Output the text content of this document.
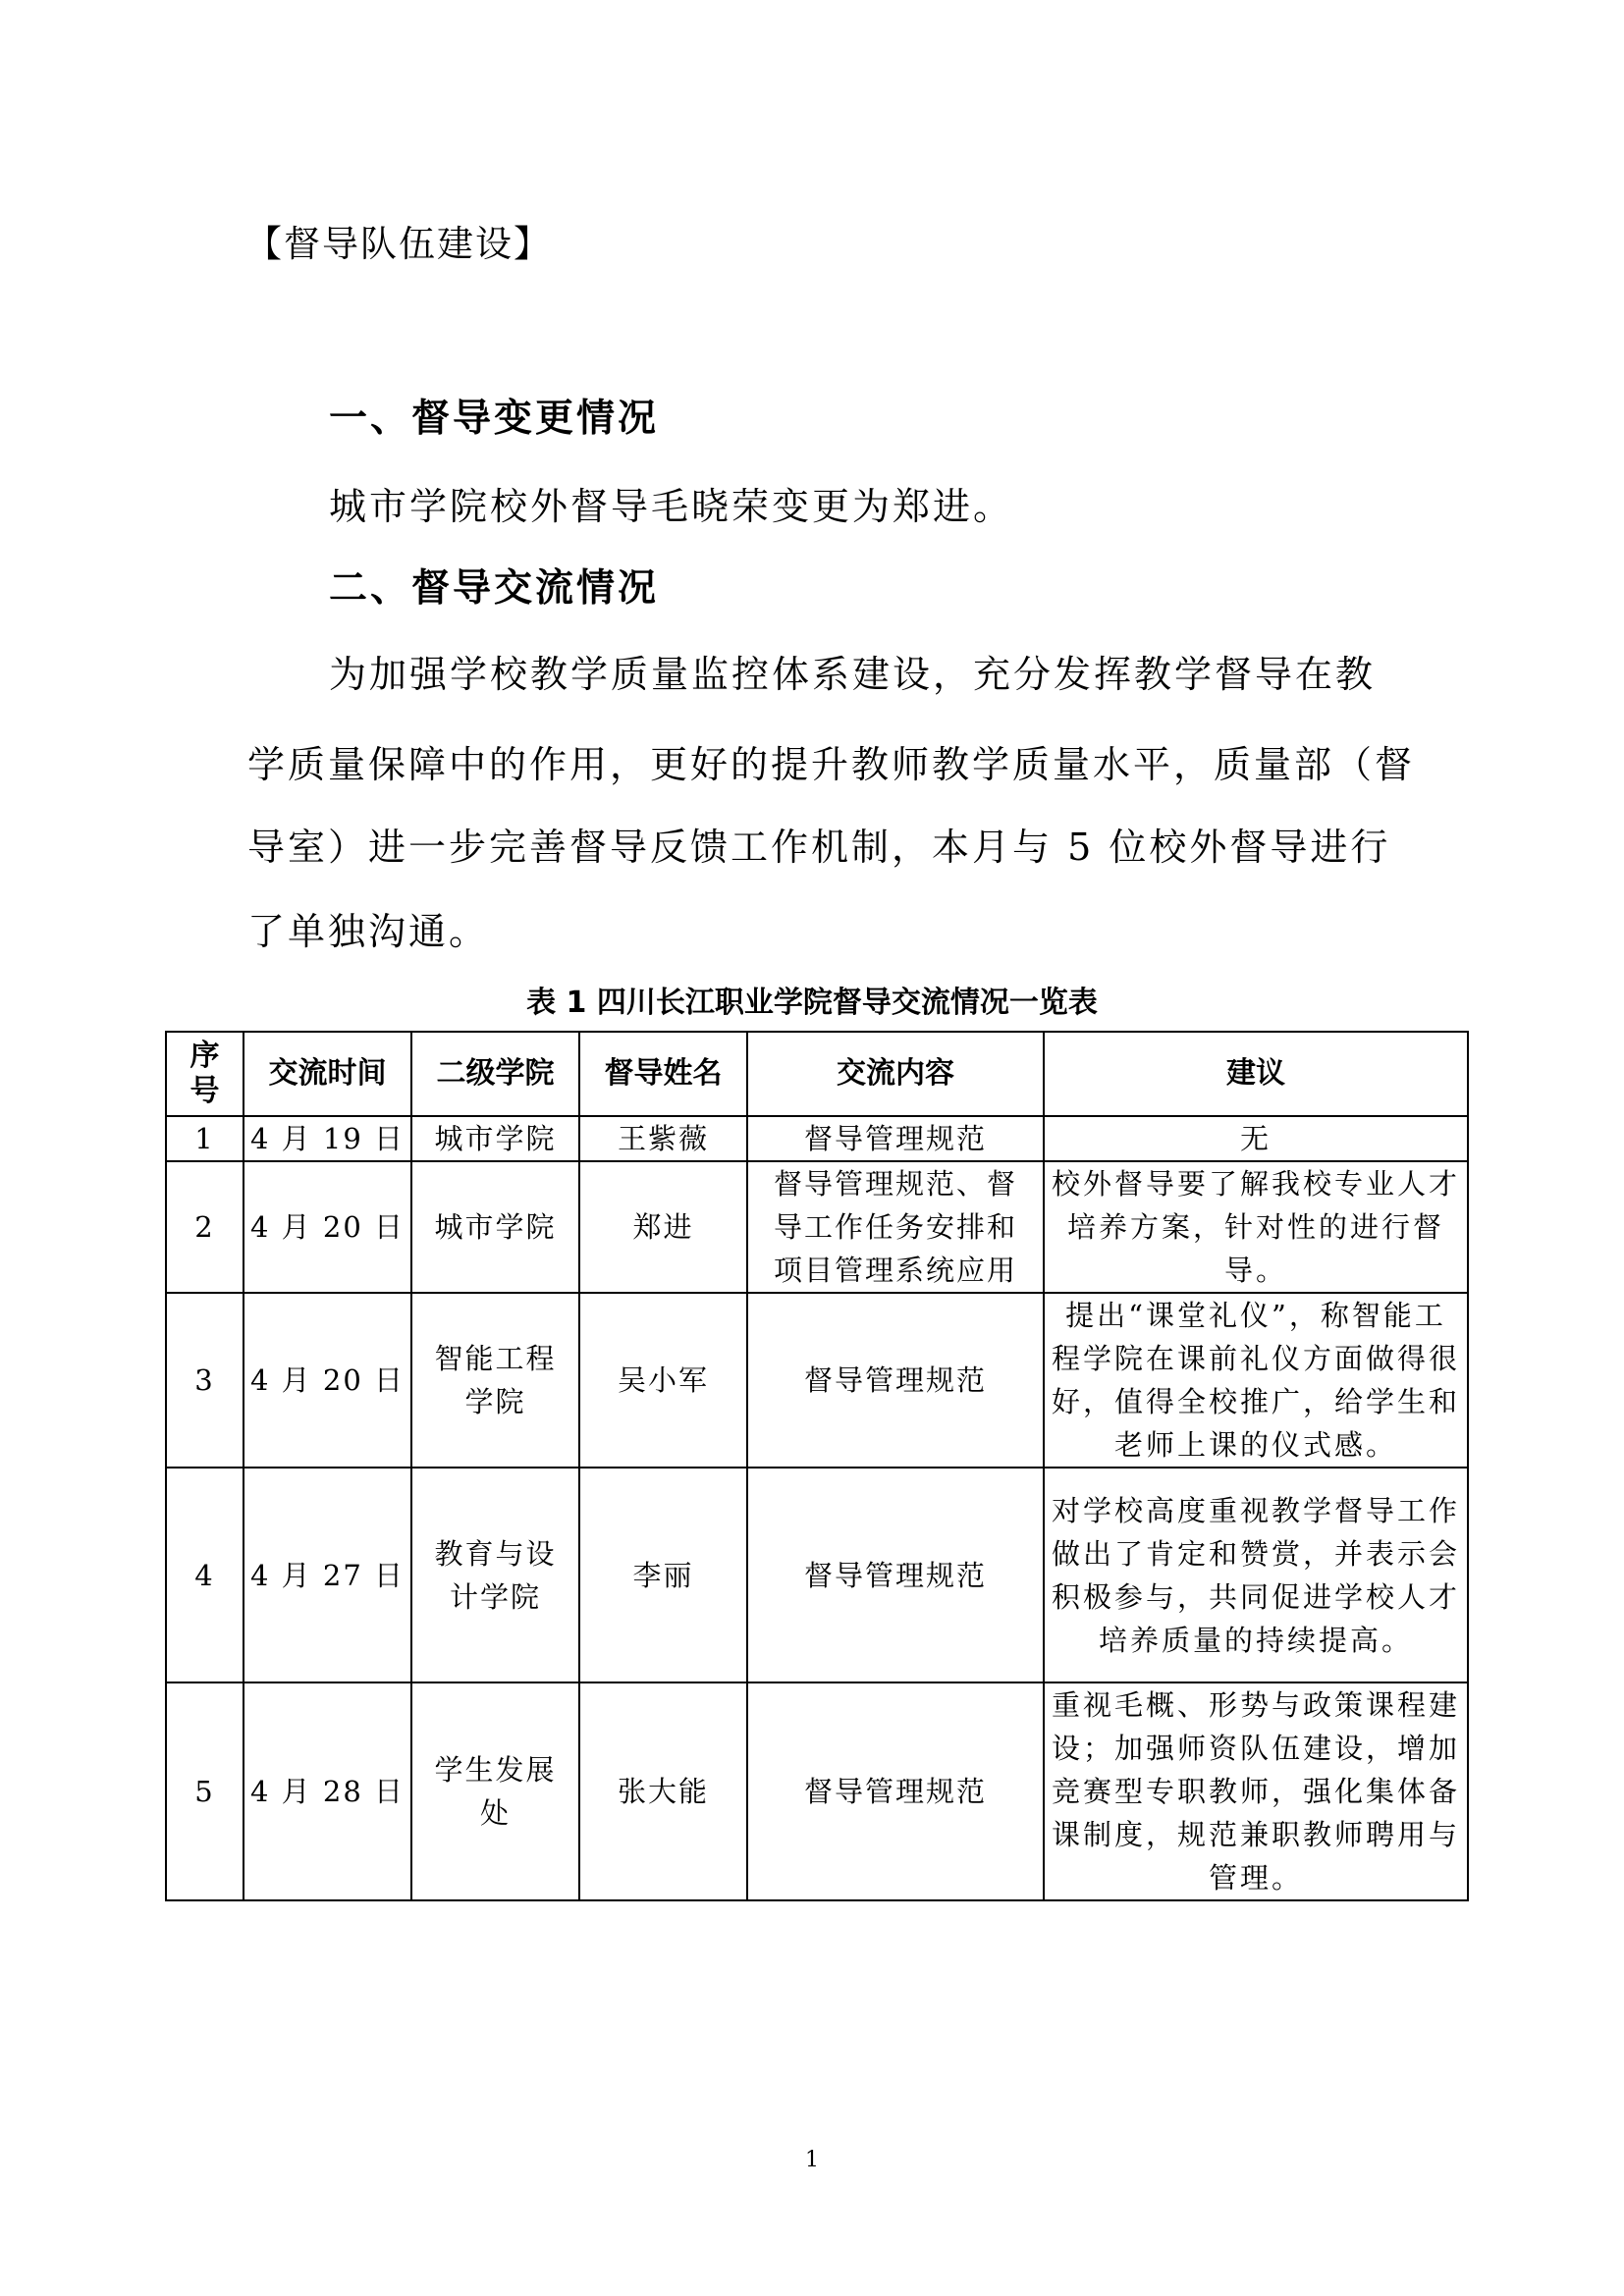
【督导队伍建设】
一、督导变更情况
城市学院校外督导毛晓荣变更为郑进。
二、督导交流情况
为加强学校教学质量监控体系建设，充分发挥教学督导在教
学质量保障中的作用，更好的提升教师教学质量水平，质量部（督
导室）进一步完善督导反馈工作机制，本月与 5 位校外督导进行
了单独沟通。
表 1 四川长江职业学院督导交流情况一览表
序号	交流时间	二级学院	督导姓名	交流内容	建议
1	4 月 19 日	城市学院	王紫薇	督导管理规范	无
2	4 月 20 日	城市学院	郑进	督导管理规范、督导工作任务安排和项目管理系统应用	校外督导要了解我校专业人才培养方案，针对性的进行督导。
3	4 月 20 日	智能工程学院	吴小军	督导管理规范	提出“课堂礼仪”，称智能工程学院在课前礼仪方面做得很好，值得全校推广，给学生和老师上课的仪式感。
4	4 月 27 日	教育与设计学院	李丽	督导管理规范	对学校高度重视教学督导工作做出了肯定和赞赏，并表示会积极参与，共同促进学校人才培养质量的持续提高。
5	4 月 28 日	学生发展处	张大能	督导管理规范	重视毛概、形势与政策课程建设；加强师资队伍建设，增加竞赛型专职教师，强化集体备课制度，规范兼职教师聘用与管理。
1
